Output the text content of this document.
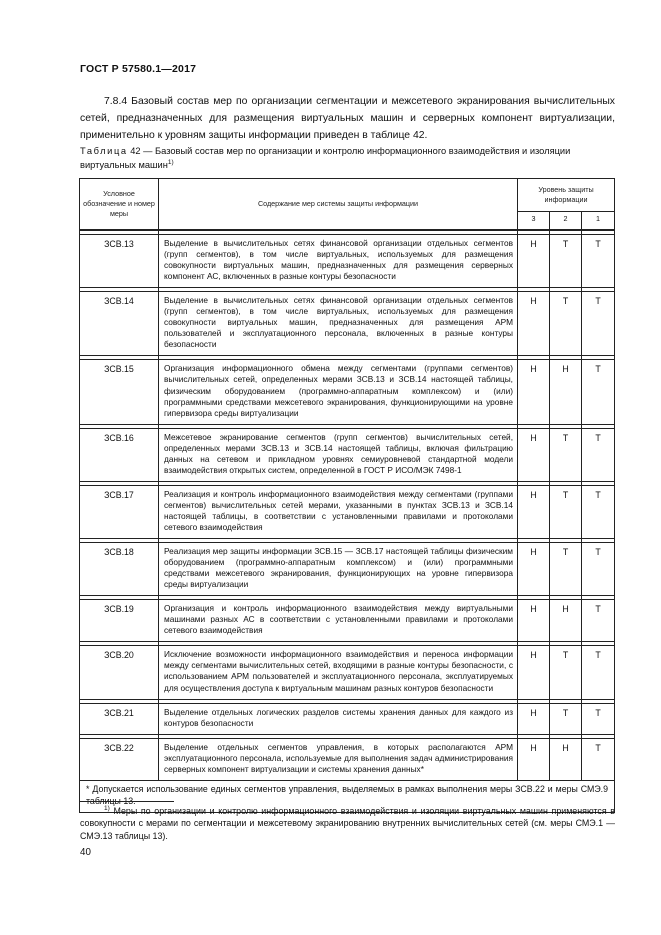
ГОСТ Р 57580.1—2017
7.8.4 Базовый состав мер по организации сегментации и межсетевого экранирования вычислительных сетей, предназначенных для размещения виртуальных машин и серверных компонент виртуализации, применительно к уровням защиты информации приведен в таблице 42.
Таблица 42 — Базовый состав мер по организации и контролю информационного взаимодействия и изоляции виртуальных машин$^{1)}$
Условное обозначение и номер меры	Содержание мер системы защиты информации	Уровень защиты информации		
		3	2	1

ЗСВ.13	Выделение в вычислительных сетях финансовой организации отдельных сегментов (групп сегментов), в том числе виртуальных, используемых для размещения совокупности виртуальных машин, предназначенных для размещения серверных компонент АС, включенных в разные контуры безопасности	Н	Т	Т

ЗСВ.14	Выделение в вычислительных сетях финансовой организации отдельных сегментов (групп сегментов), в том числе виртуальных, используемых для размещения совокупности виртуальных машин, предназначенных для размещения АРМ пользователей и эксплуатационного персонала, включенных в разные контуры безопасности	Н	Т	Т

ЗСВ.15	Организация информационного обмена между сегментами (группами сегментов) вычислительных сетей, определенных мерами ЗСВ.13 и ЗСВ.14 настоящей таблицы, физическим оборудованием (программно-аппаратным комплексом) и (или) программными средствами межсетевого экранирования, функционирующими на уровне гипервизора среды виртуализации	Н	Н	Т

ЗСВ.16	Межсетевое экранирование сегментов (групп сегментов) вычислительных сетей, определенных мерами ЗСВ.13 и ЗСВ.14 настоящей таблицы, включая фильтрацию данных на сетевом и прикладном уровнях семиуровневой стандартной модели взаимодействия открытых систем, определенной в ГОСТ Р ИСО/МЭК 7498-1	Н	Т	Т

ЗСВ.17	Реализация и контроль информационного взаимодействия между сегментами (группами сегментов) вычислительных сетей мерами, указанными в пунктах ЗСВ.13 и ЗСВ.14 настоящей таблицы, в соответствии с установленными правилами и протоколами сетевого взаимодействия	Н	Т	Т

ЗСВ.18	Реализация мер защиты информации ЗСВ.15 — ЗСВ.17 настоящей таблицы физическим оборудованием (программно-аппаратным комплексом) и (или) программными средствами межсетевого экранирования, функционирующих на уровне гипервизора среды виртуализации	Н	Т	Т

ЗСВ.19	Организация и контроль информационного взаимодействия между виртуальными машинами разных АС в соответствии с установленными правилами и протоколами сетевого взаимодействия	Н	Н	Т

ЗСВ.20	Исключение возможности информационного взаимодействия и переноса информации между сегментами вычислительных сетей, входящими в разные контуры безопасности, с использованием АРМ пользователей и эксплуатационного персонала, эксплуатируемых для осуществления доступа к виртуальным машинам разных контуров безопасности	Н	Т	Т

ЗСВ.21	Выделение отдельных логических разделов системы хранения данных для каждого из контуров безопасности	Н	Т	Т

ЗСВ.22	Выделение отдельных сегментов управления, в которых располагаются АРМ эксплуатационного персонала, используемые для выполнения задач администрирования серверных компонент виртуализации и системы хранения данных*	Н	Н	Т
* Допускается использование единых сегментов управления, выделяемых в рамках выполнения меры ЗСВ.22 и меры СМЭ.9 таблицы 13.				
$^{1)}$ Меры по организации и контролю информационного взаимодействия и изоляции виртуальных машин применяются в совокупности с мерами по сегментации и межсетевому экранированию внутренних вычислительных сетей (см. меры СМЭ.1 — СМЭ.13 таблицы 13).
40
